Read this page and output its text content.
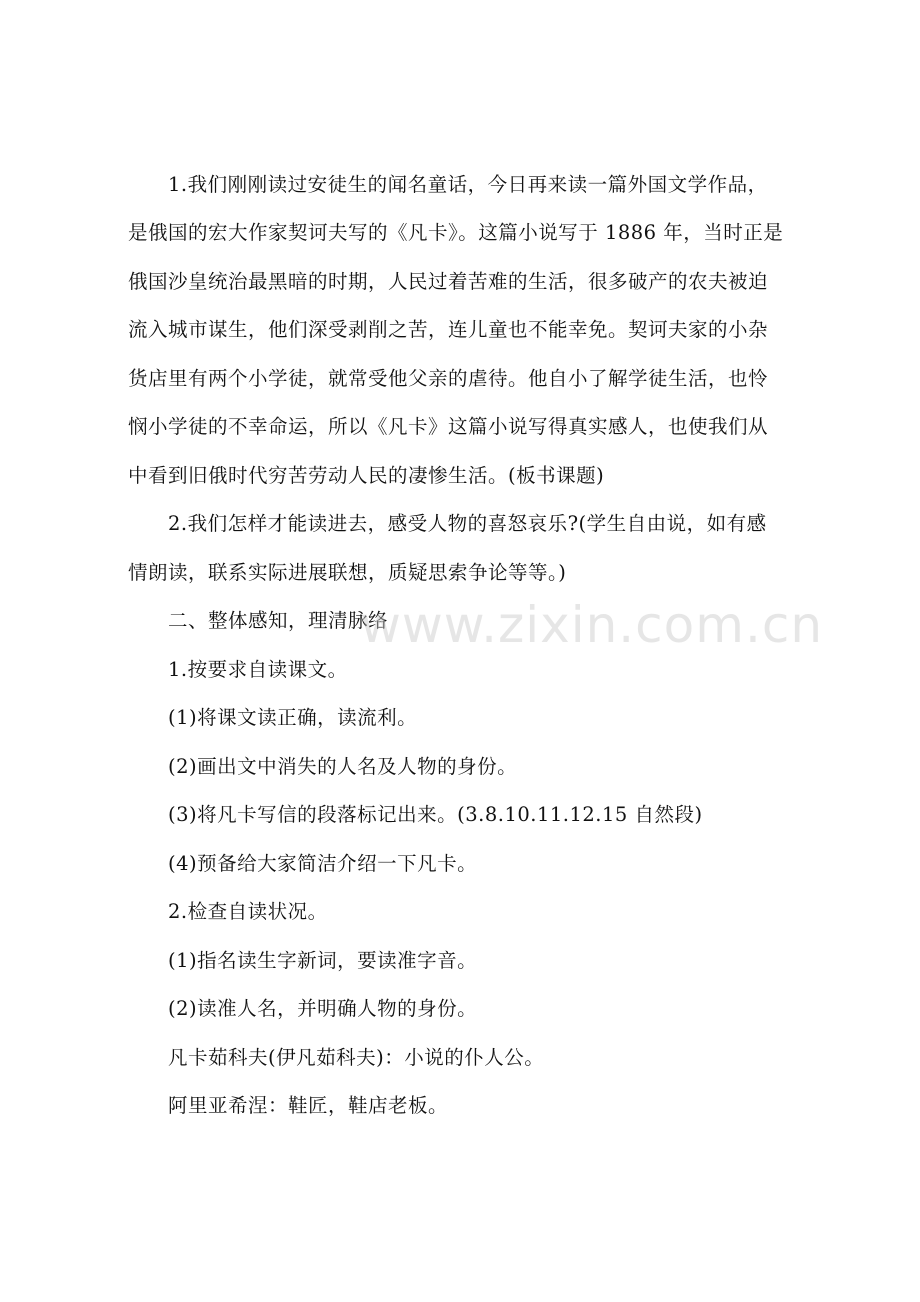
1.我们刚刚读过安徒生的闻名童话，今日再来读一篇外国文学作品，
是俄国的宏大作家契诃夫写的《凡卡》。这篇小说写于 1886 年，当时正是
俄国沙皇统治最黑暗的时期，人民过着苦难的生活，很多破产的农夫被迫
流入城市谋生，他们深受剥削之苦，连儿童也不能幸免。契诃夫家的小杂
货店里有两个小学徒，就常受他父亲的虐待。他自小了解学徒生活，也怜
悯小学徒的不幸命运，所以《凡卡》这篇小说写得真实感人，也使我们从
中看到旧俄时代穷苦劳动人民的凄惨生活。(板书课题)
2.我们怎样才能读进去，感受人物的喜怒哀乐?(学生自由说，如有感
情朗读，联系实际进展联想，质疑思索争论等等。)
二、整体感知，理清脉络
1.按要求自读课文。
(1)将课文读正确，读流利。
(2)画出文中消失的人名及人物的身份。
(3)将凡卡写信的段落标记出来。(3.8.10.11.12.15 自然段)
(4)预备给大家简洁介绍一下凡卡。
2.检查自读状况。
(1)指名读生字新词，要读准字音。
(2)读准人名，并明确人物的身份。
凡卡茹科夫(伊凡茹科夫)：小说的仆人公。
阿里亚希涅：鞋匠，鞋店老板。
www.zixin.com.cn
